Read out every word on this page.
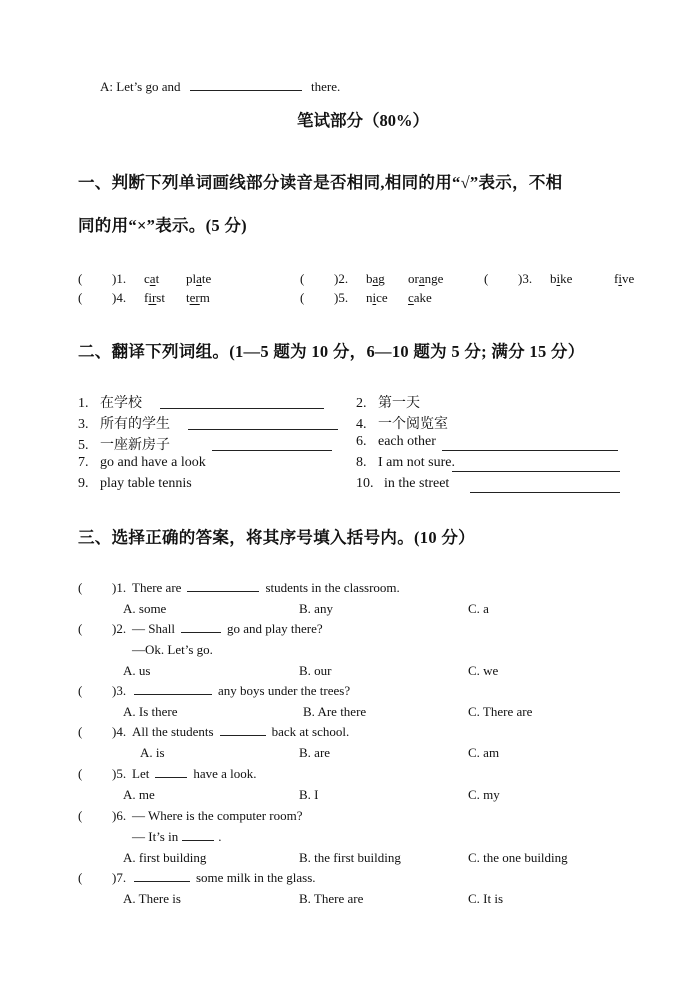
A: Let’s go and	there.
笔试部分（80%）
一、判断下列单词画线部分读音是否相同,相同的用“√”表示，不相
同的用“×”表示。(5 分)
( )1. cat plate	( )2. bag orange	( )3. bike	five
( )4. first term	( )5. nice cake
二、翻译下列词组。(1—5 题为 10 分，6—10 题为 5 分; 满分 15 分）
1. 在学校	2. 第一天
3. 所有的学生	4. 一个阅览室
5. 一座新房子	6. each other
7. go and have a look	8. I am not sure.
9. play table tennis	10. in the street
三、选择正确的答案，将其序号填入括号内。(10 分）
( )1. There are	students in the classroom.
A. some	B. any	C. a
( )2. — Shall	go and play there?
—Ok. Let’s go.
A. us	B. our	C. we
( )3.	any boys under the trees?
A. Is there	B. Are there	C. There are
( )4. All the students	back at school.
A. is	B. are	C. am
( )5. Let	have a look.
A. me	B. I	C. my
( )6. — Where is the computer room?
— It’s in	.
A. first building	B. the first building	C. the one building
( )7.	some milk in the glass.
A. There is	B. There are	C. It is
